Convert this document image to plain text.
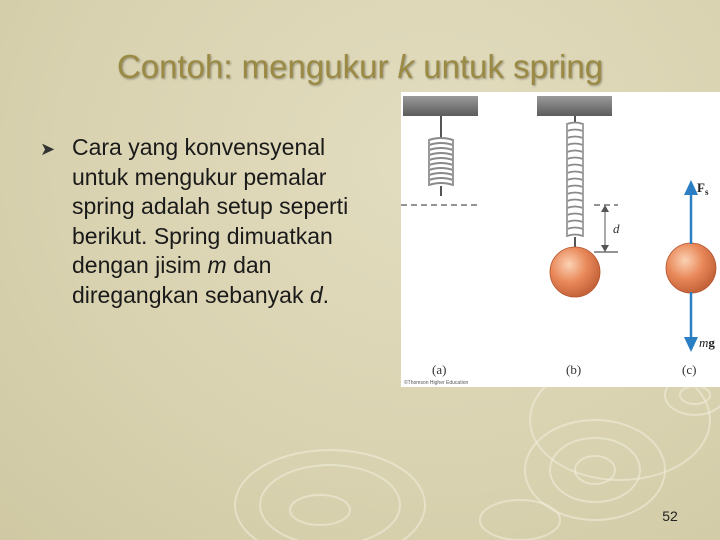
Contoh: mengukur k untuk spring
➤ Cara yang konvensyenal untuk mengukur pemalar spring adalah setup seperti berikut. Spring dimuatkan dengan jisim m dan diregangkan sebanyak d.
d
$F_s$
mg
(a)	(b)	(c)
©Thomson Higher Education
52
